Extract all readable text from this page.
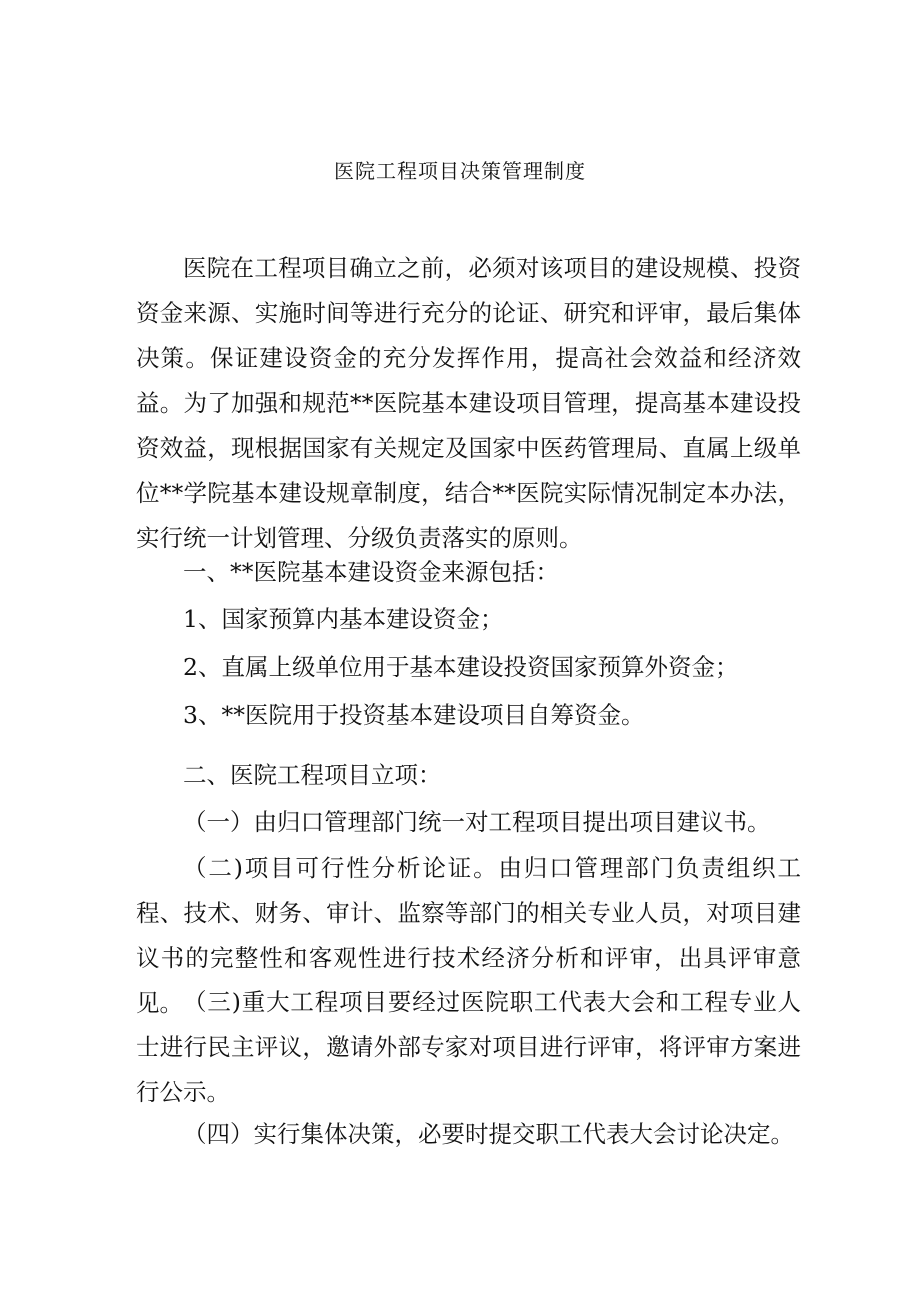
医院工程项目决策管理制度

医院在工程项目确立之前，必须对该项目的建设规模、投资资金来源、实施时间等进行充分的论证、研究和评审，最后集体决策。保证建设资金的充分发挥作用，提高社会效益和经济效益。为了加强和规范**医院基本建设项目管理，提高基本建设投资效益，现根据国家有关规定及国家中医药管理局、直属上级单位**学院基本建设规章制度，结合**医院实际情况制定本办法，实行统一计划管理、分级负责落实的原则。

一、**医院基本建设资金来源包括：

1、国家预算内基本建设资金；

2、直属上级单位用于基本建设投资国家预算外资金；

3、**医院用于投资基本建设项目自筹资金。

二、医院工程项目立项：

（一）由归口管理部门统一对工程项目提出项目建议书。

（二)项目可行性分析论证。由归口管理部门负责组织工程、技术、财务、审计、监察等部门的相关专业人员，对项目建议书的完整性和客观性进行技术经济分析和评审，出具评审意见。 （三)重大工程项目要经过医院职工代表大会和工程专业人士进行民主评议，邀请外部专家对项目进行评审，将评审方案进行公示。

（四）实行集体决策，必要时提交职工代表大会讨论决定。
